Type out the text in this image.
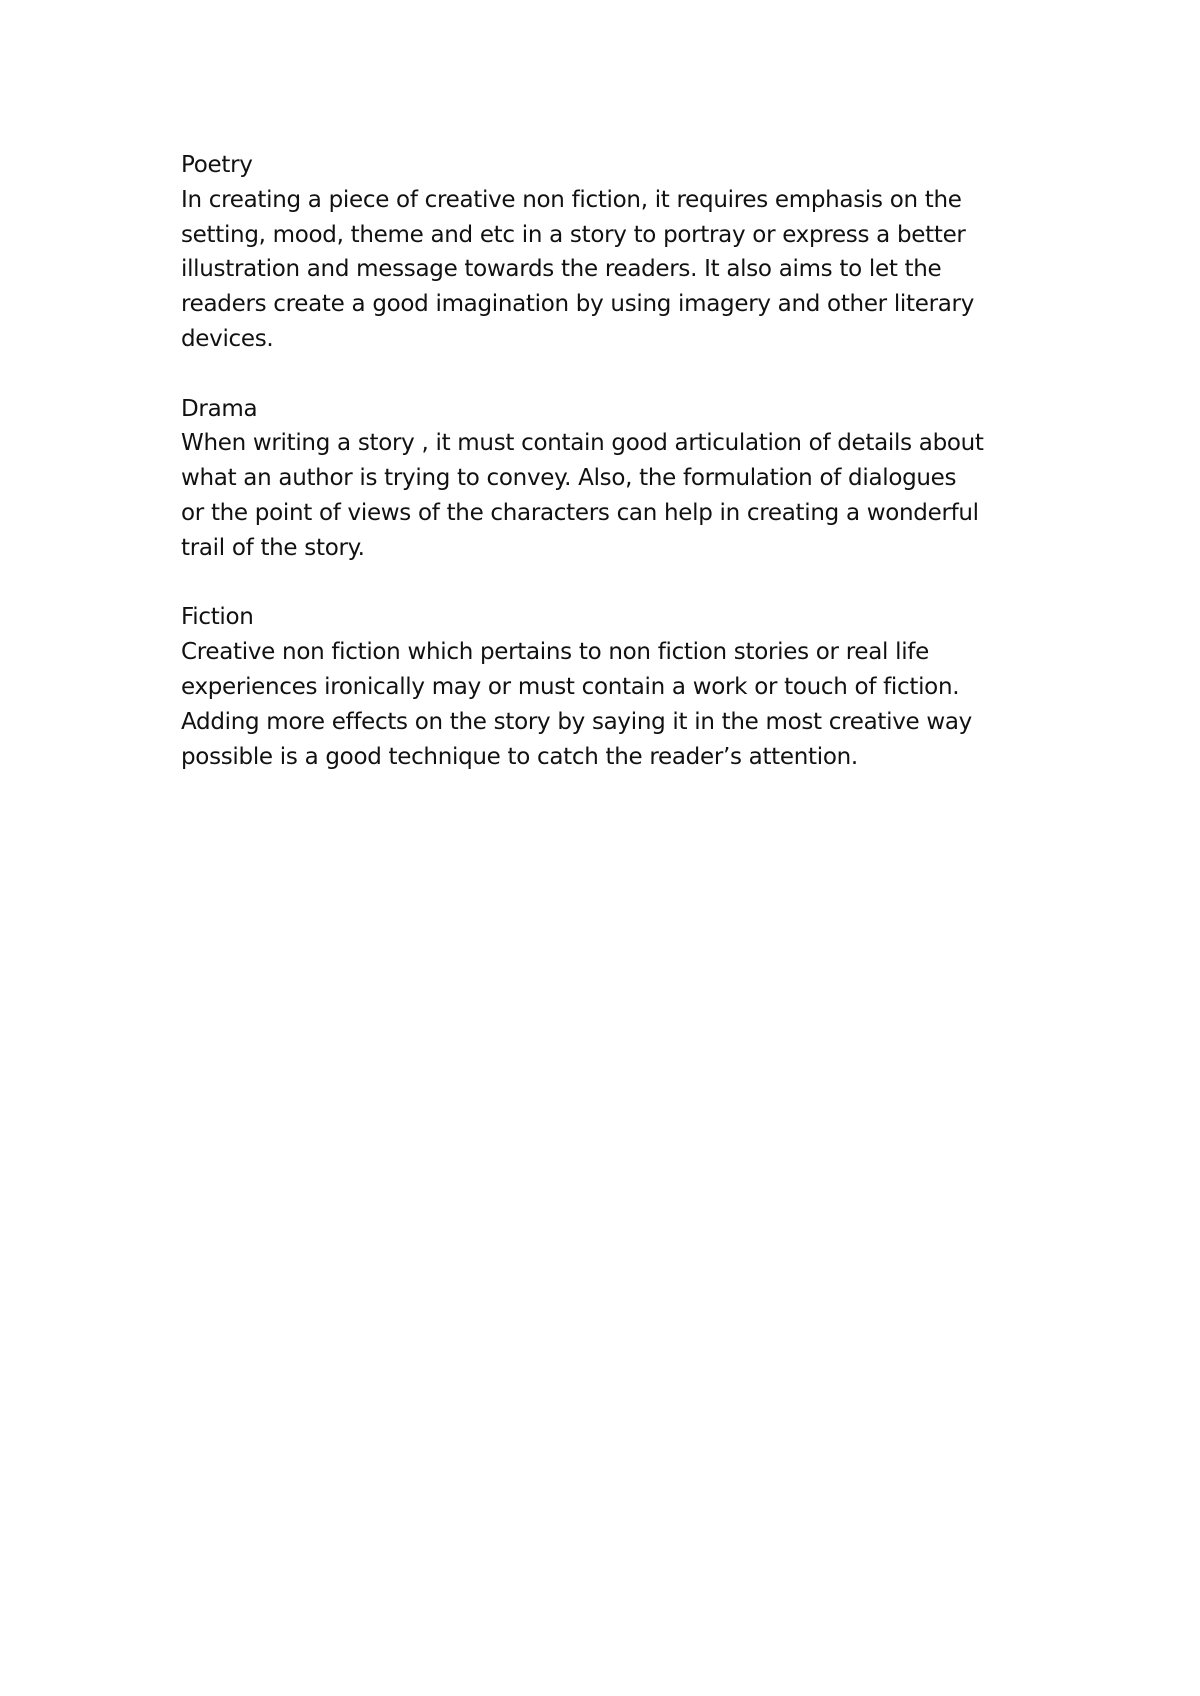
Poetry
In creating a piece of creative non fiction, it requires emphasis on the
setting, mood, theme and etc in a story to portray or express a better
illustration and message towards the readers. It also aims to let the
readers create a good imagination by using imagery and other literary
devices.
Drama
When writing a story , it must contain good articulation of details about
what an author is trying to convey. Also, the formulation of dialogues
or the point of views of the characters can help in creating a wonderful
trail of the story.
Fiction
Creative non fiction which pertains to non fiction stories or real life
experiences ironically may or must contain a work or touch of fiction.
Adding more effects on the story by saying it in the most creative way
possible is a good technique to catch the reader’s attention.
